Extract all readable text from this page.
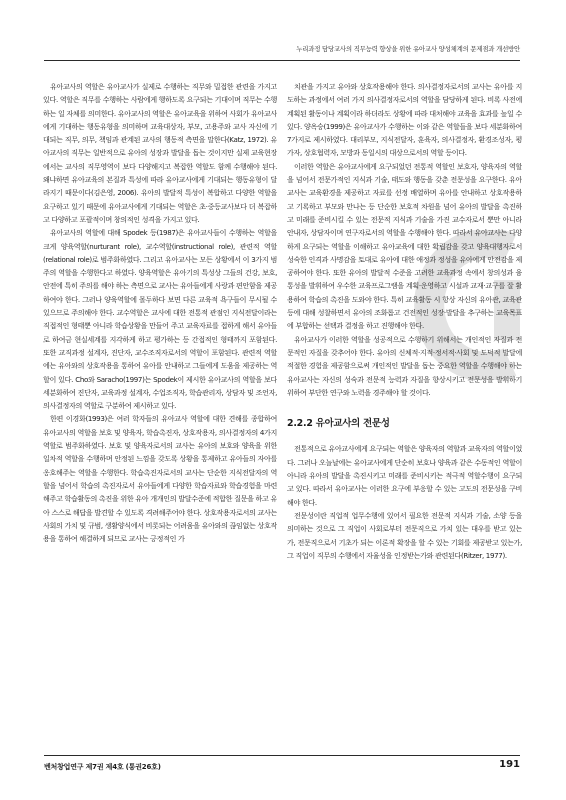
누리과정 담당교사의 직무능력 향상을 위한 유아교사 양성체계의 문제점과 개선방안

유아교사의 역할은 유아교사가 실제로 수행하는 직무와 밀접한 관련을 가지고 있다. 역할은 직무를 수행하는 사람에게 행하도록 요구되는 기대이며 직무는 수행하는 일 자체를 의미한다. 유아교사의 역할은 유아교육을 위하여 사회가 유아교사에게 기대하는 행동유형을 의미하며 교육대상자, 부모, 고용주와 교사 자신에 기대되는 직무, 의무, 책임과 관계된 교사의 행동적 측면을 말한다(Katz, 1972). 유아교사의 직무는 일반적으로 유아의 성장과 발달을 돕는 것이지만 실제 교육현장에서는 교사의 직무영역이 보다 다양해지고 복잡한 역할도 함께 수행해야 된다. 왜냐하면 유아교육의 본질과 특성에 따라 유아교사에게 기대되는 행동유형이 달라지기 때문이다(김은영, 2006). 유아의 발달적 특성이 복합하고 다양한 역할을 요구하고 있기 때문에 유아교사에게 기대되는 역할은 초·중등교사보다 더 복잡하고 다양하고 포괄적이며 창의적인 성격을 가지고 있다.

유아교사의 역할에 대해 Spodek 등(1987)은 유아교사들이 수행하는 역할을 크게 양육역할(nurturant role), 교수역할(instructional role), 관련적 역할(relational role)로 범주화하였다. 그리고 유아교사는 모든 상황에서 이 3가지 범주의 역할을 수행한다고 하였다. 양육역할은 유아기의 특성상 그들의 건강, 보호, 안전에 특히 주의를 해야 하는 측면으로 교사는 유아들에게 사랑과 편안함을 제공하여야 한다. 그러나 양육역할에 몰두하다 보면 다른 교육적 욕구들이 무시될 수 있으므로 주의해야 한다. 교수역할은 교사에 대한 전통적 관점인 지식전달이라는 직접적인 형태뿐 아니라 학습상황을 만들어 주고 교육자료를 접하게 해서 유아들로 하여금 현실세계를 지각하게 하고 평가하는 등 간접적인 형태까지 포함된다. 또한 교직과정 설계자, 진단자, 교수조직자로서의 역할이 포함된다. 관련적 역할에는 유아와의 상호작용을 통하여 유아를 안내하고 그들에게 도움을 제공하는 역할이 있다. Cho와 Saracho(1997)는 Spodek이 제시한 유아교사의 역할을 보다 세분화하여 진단자, 교육과정 설계자, 수업조직자, 학습관리자, 상담자 및 조언자, 의사결정자의 역할로 구분하여 제시하고 있다.

한편 이경화(1993)은 여러 학자들의 유아교사 역할에 대한 견해를 종합하여 유아교사의 역할을 보호 및 양육자, 학습촉진자, 상호작용자, 의사결정자의 4가지 역할로 범주화하였다. 보호 및 양육자로서의 교사는 유아의 보호와 양육을 위한 일차적 역할을 수행하며 안정된 느낌을 갖도록 상황을 통제하고 유아들의 자아를 옹호해주는 역할을 수행한다. 학습촉진자로서의 교사는 단순한 지식전달자의 역할을 넘어서 학습의 촉진자로서 유아들에게 다양한 학습자료와 학습경험을 마련해주고 학습활동의 촉진을 위한 유아 개개인의 발달수준에 적합한 질문을 하고 유아 스스로 해답을 발견할 수 있도록 격려해주어야 한다. 상호작용자로서의 교사는 사회의 가치 및 규범, 생활양식에서 비롯되는 어려움을 유아와의 끊임없는 상호작용을 통하여 해결하게 되므로 교사는 긍정적인 가

치관을 가지고 유아와 상호작용해야 한다. 의사결정자로서의 교사는 유아를 지도하는 과정에서 여러 가지 의사결정자로서의 역할을 담당하게 된다. 비록 사전에 계획된 활동이나 계획이라 하더라도 상황에 따라 대처해야 교육을 효과를 높일 수 있다. 양옥승(1999)은 유아교사가 수행하는 이와 같은 역할들을 보다 세분화하여 7가지로 제시하였다. 대리부모, 지식전달자, 훈육자, 의사결정자, 환경조성자, 평가자, 상호협력자, 모방과 동일시의 대상으로서의 역할 등이다.

이러한 역할은 유아교사에게 요구되었던 전통적 역할인 보호자, 양육자의 역할을 넘어서 전문가적인 지식과 기술, 태도와 행동을 갖춘 전문성을 요구한다. 유아교사는 교육환경을 제공하고 자료를 선정 배열하며 유아를 안내하고 상호작용하고 기록하고 부모와 만나는 등 단순한 보호적 차원을 넘어 유아의 발달을 촉진하고 미래를 준비시킬 수 있는 전문적 지식과 기술을 가진 교수자로서 뿐만 아니라 안내자, 상담자이며 연구자로서의 역할을 수행해야 한다. 따라서 유아교사는 다양하게 요구되는 역할을 이해하고 유아교육에 대한 확립감을 갖고 양육대행자로서 성숙한 인격과 사명감을 토대로 유아에 대한 애정과 정성을 유아에게 안전감을 제공하여야 한다. 또한 유아의 발달적 수준을 고려한 교육과정 속에서 창의성과 융통성을 발휘하여 우수한 교육프로그램을 계획·운영하고 시설과 교재·교구를 잘 활용하여 학습의 촉진을 도와야 한다. 특히 교육활동 시 항상 자신의 유아관, 교육관 등에 대해 성찰하면서 유아의 조화롭고 건전적인 성장·발달을 추구하는 교육목표에 부합하는 선택과 결정을 하고 진행해야 한다.

유아교사가 이러한 역할을 성공적으로 수행하기 위해서는 개인적인 자질과 전문적인 자질을 갖추어야 한다. 유아의 신체적·지적·정서적·사회 및 도덕적 발달에 적절한 경험을 제공함으로써 개인적인 발달을 돕는 중요한 역할을 수행해야 하는 유아교사는 자신의 성숙과 전문적 능력과 자질을 향상시키고 전문성을 발휘하기 위하여 부단한 연구와 노력을 경주해야 할 것이다.

2.2.2 유아교사의 전문성

전통적으로 유아교사에게 요구되는 역할은 양육자의 역할과 교육자의 역할이었다. 그러나 오늘날에는 유아교사에게 단순히 보호나 양육과 같은 수동적인 역할이 아니라 유아의 발달을 촉진시키고 미래를 준비시키는 적극적 역할수행이 요구되고 있다. 따라서 유아교사는 이러한 요구에 부응할 수 있는 고도의 전문성을 구비해야 한다.

전문성이란 직업적 업무수행에 있어서 필요한 전문적 지식과 기술, 소양 등을 의미하는 것으로 그 직업이 사회로부터 전문직으로 가치 있는 대우를 받고 있는가, 전문직으로서 기초가 되는 이론적 확장을 할 수 있는 기회를 제공받고 있는가, 그 직업이 직무의 수행에서 자율성을 인정받는가와 관련된다(Ritzer, 1977).

벤처창업연구 제7권 제4호 (통권26호)	191
